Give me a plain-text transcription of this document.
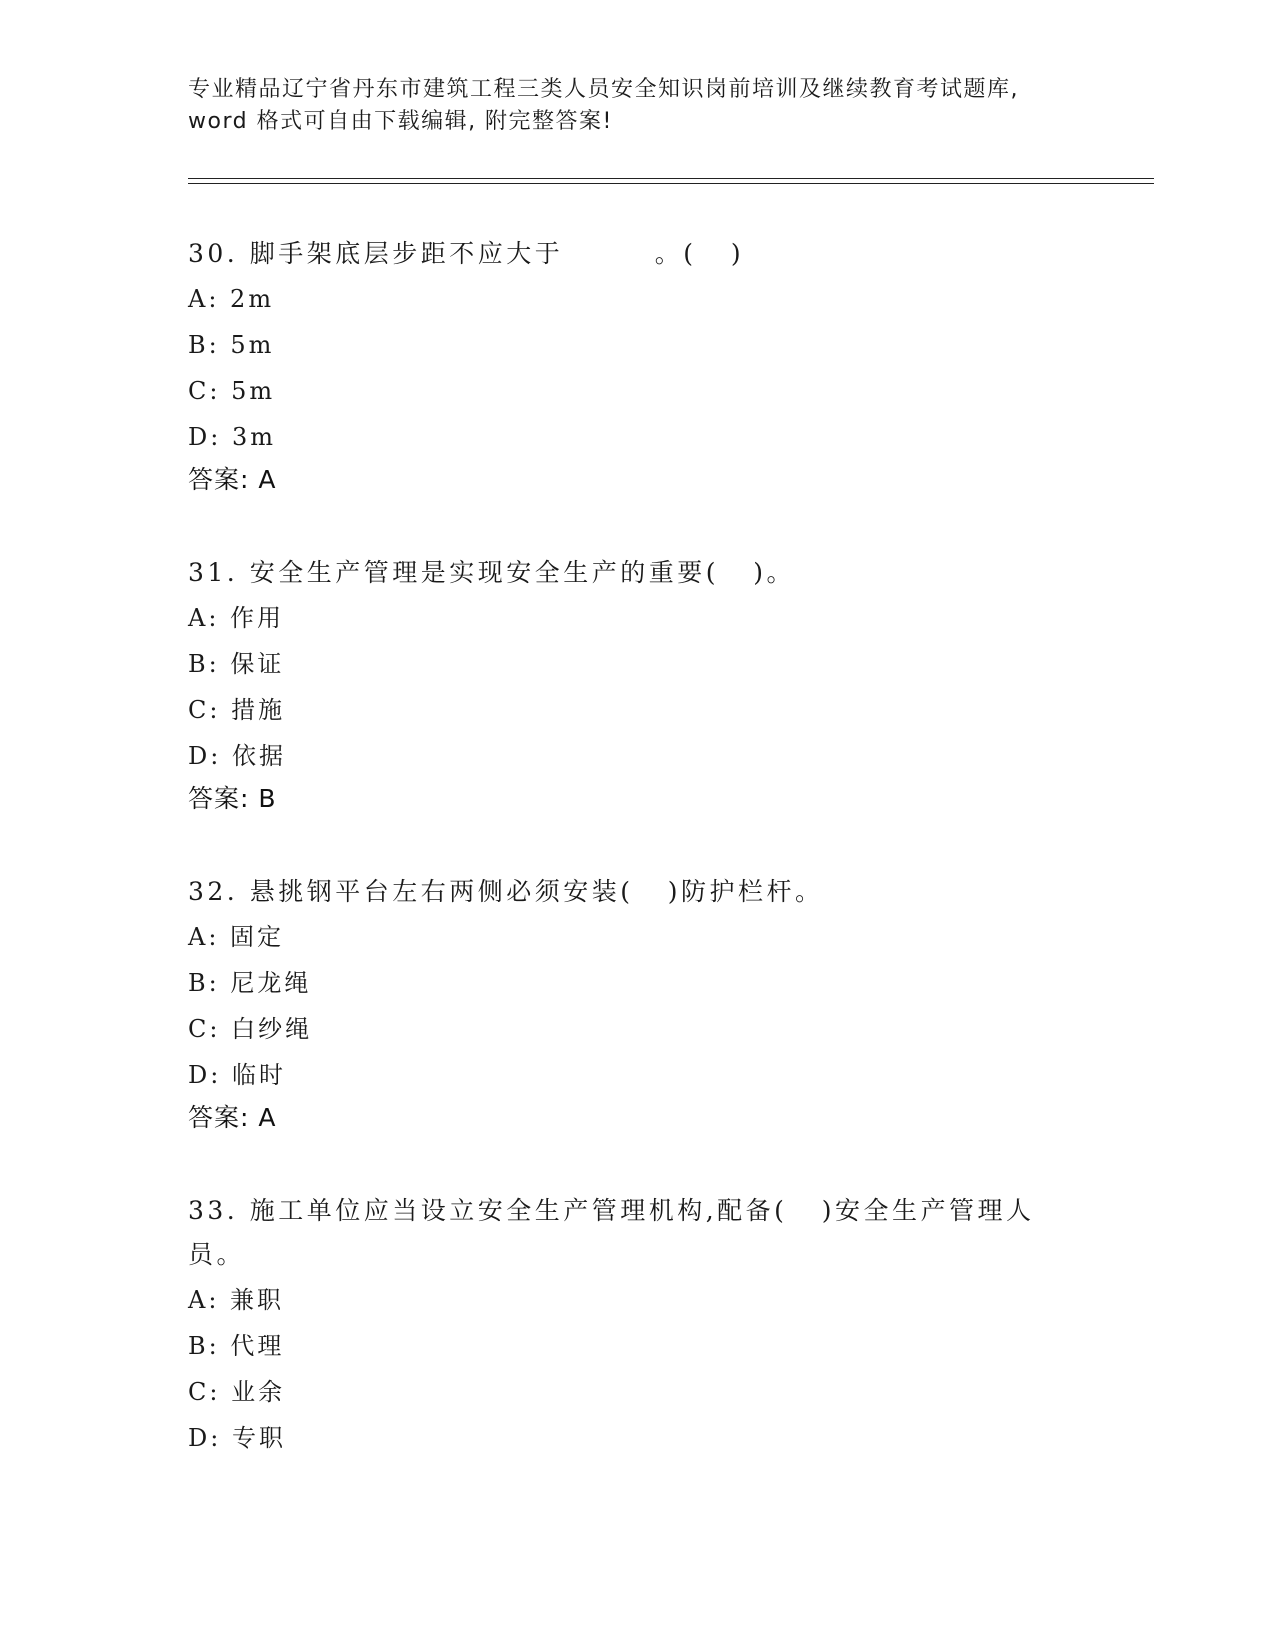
专业精品辽宁省丹东市建筑工程三类人员安全知识岗前培训及继续教育考试题库,
word 格式可自由下载编辑, 附完整答案!
30. 脚手架底层步距不应大于        。(   )
A: 2m
B: 5m
C: 5m
D: 3m
答案: A
31. 安全生产管理是实现安全生产的重要(   )。
A: 作用
B: 保证
C: 措施
D: 依据
答案: B
32. 悬挑钢平台左右两侧必须安装(   )防护栏杆。
A: 固定
B: 尼龙绳
C: 白纱绳
D: 临时
答案: A
33. 施工单位应当设立安全生产管理机构,配备(   )安全生产管理人
员。
A: 兼职
B: 代理
C: 业余
D: 专职
